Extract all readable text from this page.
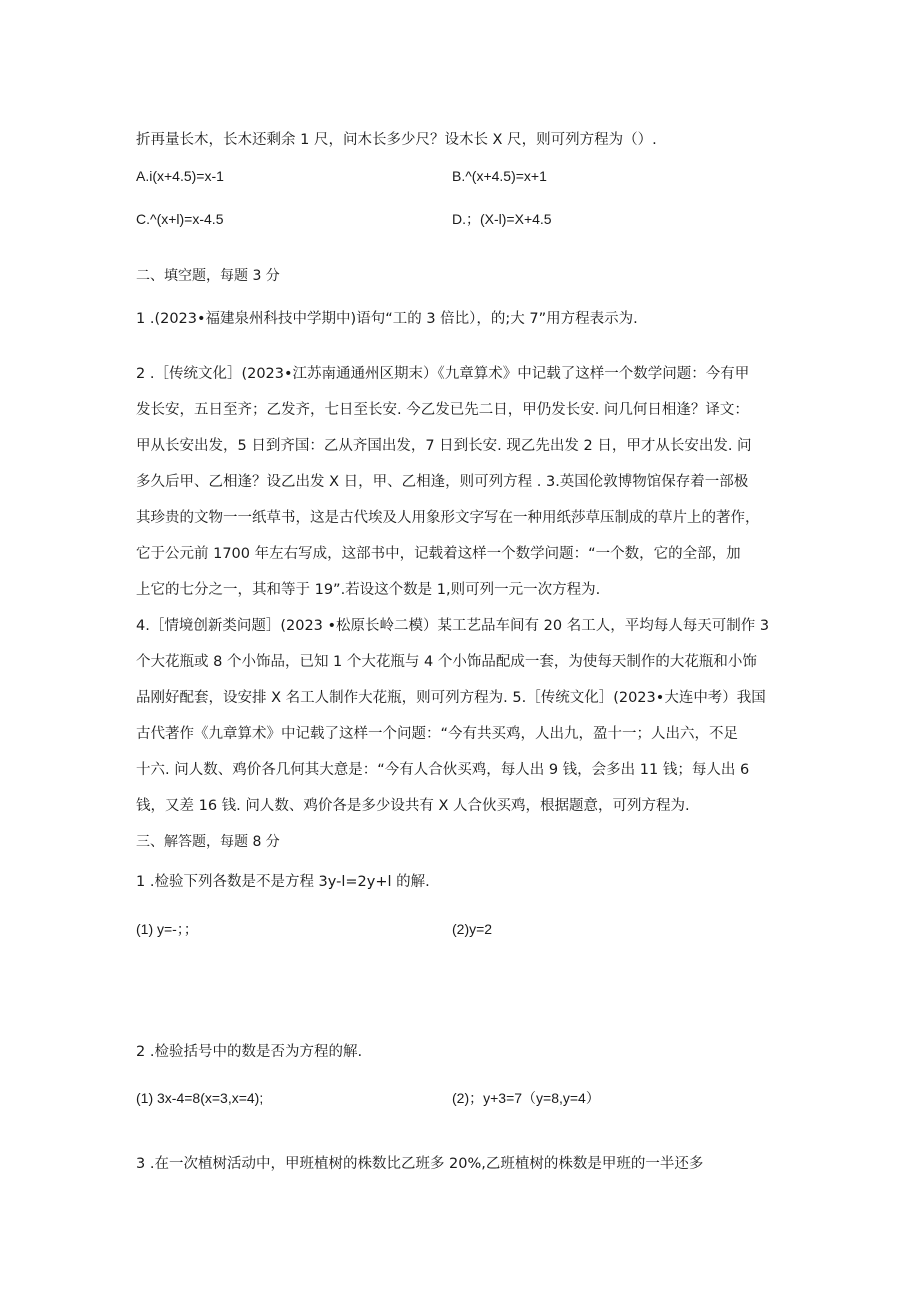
折再量长木，长木还剩余 1 尺，问木长多少尺？设木长 X 尺，则可列方程为（）.
A.i(x+4.5)=x-1	B.^(x+4.5)=x+1
C.^(x+l)=x-4.5	D.；(X-l)=X+4.5
二、填空题，每题 3 分
1 .(2023•福建泉州科技中学期中)语句“工的 3 倍比），的;大 7”用方程表示为.
2 .［传统文化］(2023•江苏南通通州区期末）《九章算术》中记载了这样一个数学问题：今有甲
发长安，五日至齐；乙发齐，七日至长安. 今乙发已先二日，甲仍发长安. 问几何日相逢？译文：
甲从长安出发，5 日到齐国：乙从齐国出发，7 日到长安. 现乙先出发 2 日，甲才从长安出发. 问
多久后甲、乙相逢？设乙出发 X 日，甲、乙相逢，则可列方程 . 3.英国伦敦博物馆保存着一部极
其珍贵的文物一一纸草书，这是古代埃及人用象形文字写在一种用纸莎草压制成的草片上的著作，
它于公元前 1700 年左右写成，这部书中，记载着这样一个数学问题：“一个数，它的全部，加
上它的七分之一，其和等于 19”.若设这个数是 1,则可列一元一次方程为.
4.［情境创新类问题］(2023 •松原长岭二模）某工艺品车间有 20 名工人，平均每人每天可制作 3
个大花瓶或 8 个小饰品，已知 1 个大花瓶与 4 个小饰品配成一套，为使每天制作的大花瓶和小饰
品刚好配套，设安排 X 名工人制作大花瓶，则可列方程为. 5.［传统文化］(2023•大连中考）我国
古代著作《九章算术》中记载了这样一个问题：“今有共买鸡，人出九，盈十一；人出六，不足
十六. 问人数、鸡价各几何其大意是：“今有人合伙买鸡，每人出 9 钱，会多出 11 钱；每人出 6
钱，又差 16 钱. 问人数、鸡价各是多少设共有 X 人合伙买鸡，根据题意，可列方程为.
三、解答题，每题 8 分
1 .检验下列各数是不是方程 3y-l=2y+l 的解.
(1) y=-；；	(2)y=2
2 .检验括号中的数是否为方程的解.
(1) 3x-4=8(x=3,x=4);	(2)；y+3=7（y=8,y=4）
3 .在一次植树活动中，甲班植树的株数比乙班多 20%,乙班植树的株数是甲班的一半还多
